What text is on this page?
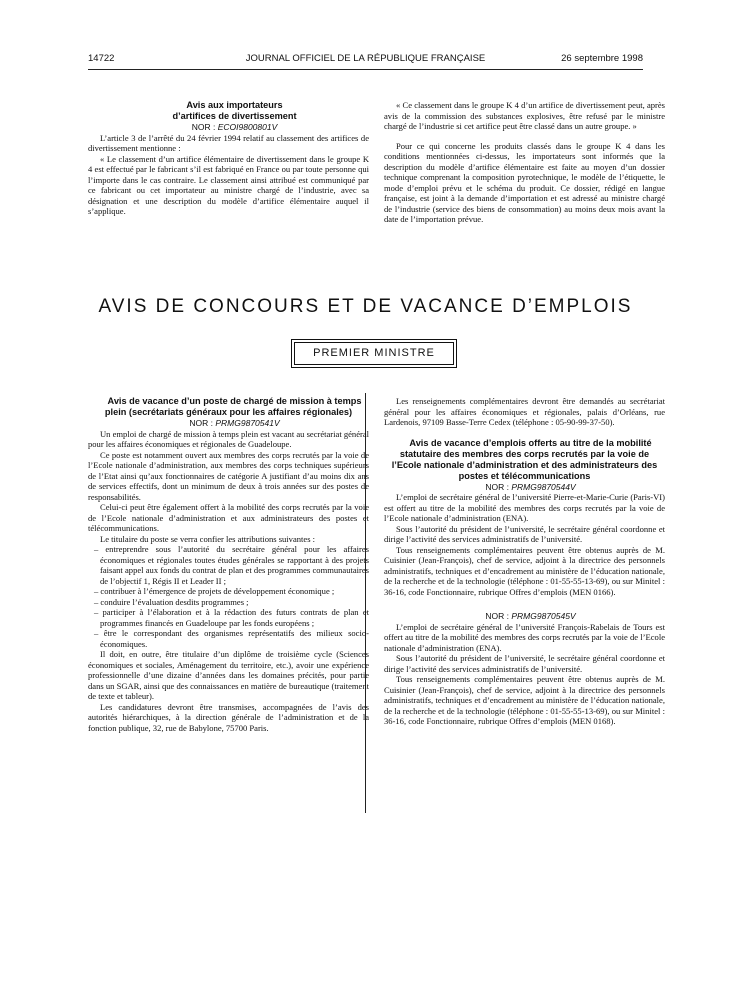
14722	JOURNAL OFFICIEL DE LA RÉPUBLIQUE FRANÇAISE	26 septembre 1998

Avis aux importateurs

d’artifices de divertissement

NOR : ECOI9800801V

L’article 3 de l’arrêté du 24 février 1994 relatif au classement des artifices de divertissement mentionne :

« Le classement d’un artifice élémentaire de divertissement dans le groupe K 4 est effectué par le fabricant s’il est fabriqué en France ou par toute personne qui l’importe dans le cas contraire. Le classement ainsi attribué est communiqué par ce fabricant ou cet importateur au ministre chargé de l’industrie, avec sa désignation et une description du modèle d’artifice élémentaire auquel il s’applique.

« Ce classement dans le groupe K 4 d’un artifice de divertissement peut, après avis de la commission des substances explosives, être refusé par le ministre chargé de l’industrie si cet artifice peut être classé dans un autre groupe. »

Pour ce qui concerne les produits classés dans le groupe K 4 dans les conditions mentionnées ci-dessus, les importateurs sont informés que la description du modèle d’artifice élémentaire est faite au moyen d’un dossier technique comprenant la composition pyrotechnique, le modèle de l’étiquette, le mode d’emploi prévu et le schéma du produit. Ce dossier, rédigé en langue française, est joint à la demande d’importation et est adressé au ministre chargé de l’industrie (service des biens de consommation) au moins deux mois avant la date de l’importation prévue.

AVIS DE CONCOURS ET DE VACANCE D’EMPLOIS
PREMIER MINISTRE

Avis de vacance d’un poste de chargé de mission à temps plein (secrétariats généraux pour les affaires régionales)

NOR : PRMG9870541V

Un emploi de chargé de mission à temps plein est vacant au secrétariat général pour les affaires économiques et régionales de Guadeloupe.

Ce poste est notamment ouvert aux membres des corps recrutés par la voie de l’Ecole nationale d’administration, aux membres des corps techniques supérieurs de l’Etat ainsi qu’aux fonctionnaires de catégorie A justifiant d’au moins dix ans de services effectifs, dont un minimum de deux à trois années sur des postes de responsabilités.

Celui-ci peut être également offert à la mobilité des corps recrutés par la voie de l’Ecole nationale d’administration et aux administrateurs des postes et télécommunications.

Le titulaire du poste se verra confier les attributions suivantes :

– entreprendre sous l’autorité du secrétaire général pour les affaires économiques et régionales toutes études générales se rapportant à des projets faisant appel aux fonds du contrat de plan et des programmes communautaires de l’objectif 1, Régis II et Leader II ;
– contribuer à l’émergence de projets de développement économique ;
– conduire l’évaluation desdits programmes ;
– participer à l’élaboration et à la rédaction des futurs contrats de plan et programmes financés en Guadeloupe par les fonds européens ;
– être le correspondant des organismes représentatifs des milieux socio-économiques.

Il doit, en outre, être titulaire d’un diplôme de troisième cycle (Sciences économiques et sociales, Aménagement du territoire, etc.), avoir une expérience professionnelle d’une dizaine d’années dans les domaines précités, pour partie dans un SGAR, ainsi que des connaissances en matière de bureautique (traitement de texte et tableur).

Les candidatures devront être transmises, accompagnées de l’avis des autorités hiérarchiques, à la direction générale de l’administration et de la fonction publique, 32, rue de Babylone, 75700 Paris.

Les renseignements complémentaires devront être demandés au secrétariat général pour les affaires économiques et régionales, palais d’Orléans, rue Lardenois, 97109 Basse-Terre Cedex (téléphone : 05-90-99-37-50).

Avis de vacance d’emplois offerts au titre de la mobilité statutaire des membres des corps recrutés par la voie de l’Ecole nationale d’administration et des administrateurs des postes et télécommunications

NOR : PRMG9870544V

L’emploi de secrétaire général de l’université Pierre-et-Marie-Curie (Paris-VI) est offert au titre de la mobilité des membres des corps recrutés par la voie de l’Ecole nationale d’administration (ENA).

Sous l’autorité du président de l’université, le secrétaire général coordonne et dirige l’activité des services administratifs de l’université.

Tous renseignements complémentaires peuvent être obtenus auprès de M. Cuisinier (Jean-François), chef de service, adjoint à la directrice des personnels administratifs, techniques et d’encadrement au ministère de l’éducation nationale, de la recherche et de la technologie (téléphone : 01-55-55-13-69), ou sur Minitel : 36-16, code Fonctionnaire, rubrique Offres d’emplois (MEN 0166).

NOR : PRMG9870545V

L’emploi de secrétaire général de l’université François-Rabelais de Tours est offert au titre de la mobilité des membres des corps recrutés par la voie de l’Ecole nationale d’administration (ENA).

Sous l’autorité du président de l’université, le secrétaire général coordonne et dirige l’activité des services administratifs de l’université.

Tous renseignements complémentaires peuvent être obtenus auprès de M. Cuisinier (Jean-François), chef de service, adjoint à la directrice des personnels administratifs, techniques et d’encadrement au ministère de l’éducation nationale, de la recherche et de la technologie (téléphone : 01-55-55-13-69), ou sur Minitel : 36-16, code Fonctionnaire, rubrique Offres d’emplois (MEN 0168).
